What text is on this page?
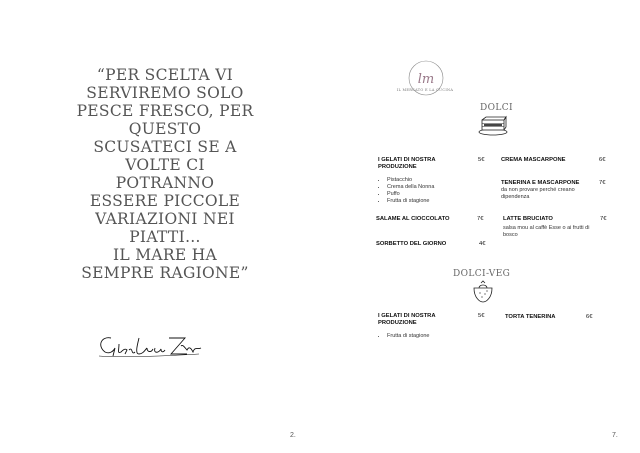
“PER SCELTA VI
SERVIREMO SOLO
PESCE FRESCO, PER
QUESTO
SCUSATECI SE A
VOLTE CI
POTRANNO
ESSERE PICCOLE
VARIAZIONI NEI
PIATTI…
IL MARE HA
SEMPRE RAGIONE”
2.
lm
IL MERCATO E LA CUCINA
DOLCI
I GELATI DI NOSTRA PRODUZIONE
5€
• Pistacchio
• Crema della Nonna
• Puffo
• Frutta di stagione
SALAME AL CIOCCOLATO	7€
SORBETTO DEL GIORNO	4€
CREMA MASCARPONE	6€
TENERINA E MASCARPONE	7€
da non provare perché creano dipendenza
LATTE BRUCIATO	7€
salsa mou al caffè Esse o ai frutti di bosco
DOLCI-VEG
I GELATI DI NOSTRA PRODUZIONE
5€
• Frutta di stagione
TORTA TENERINA	6€
7.
